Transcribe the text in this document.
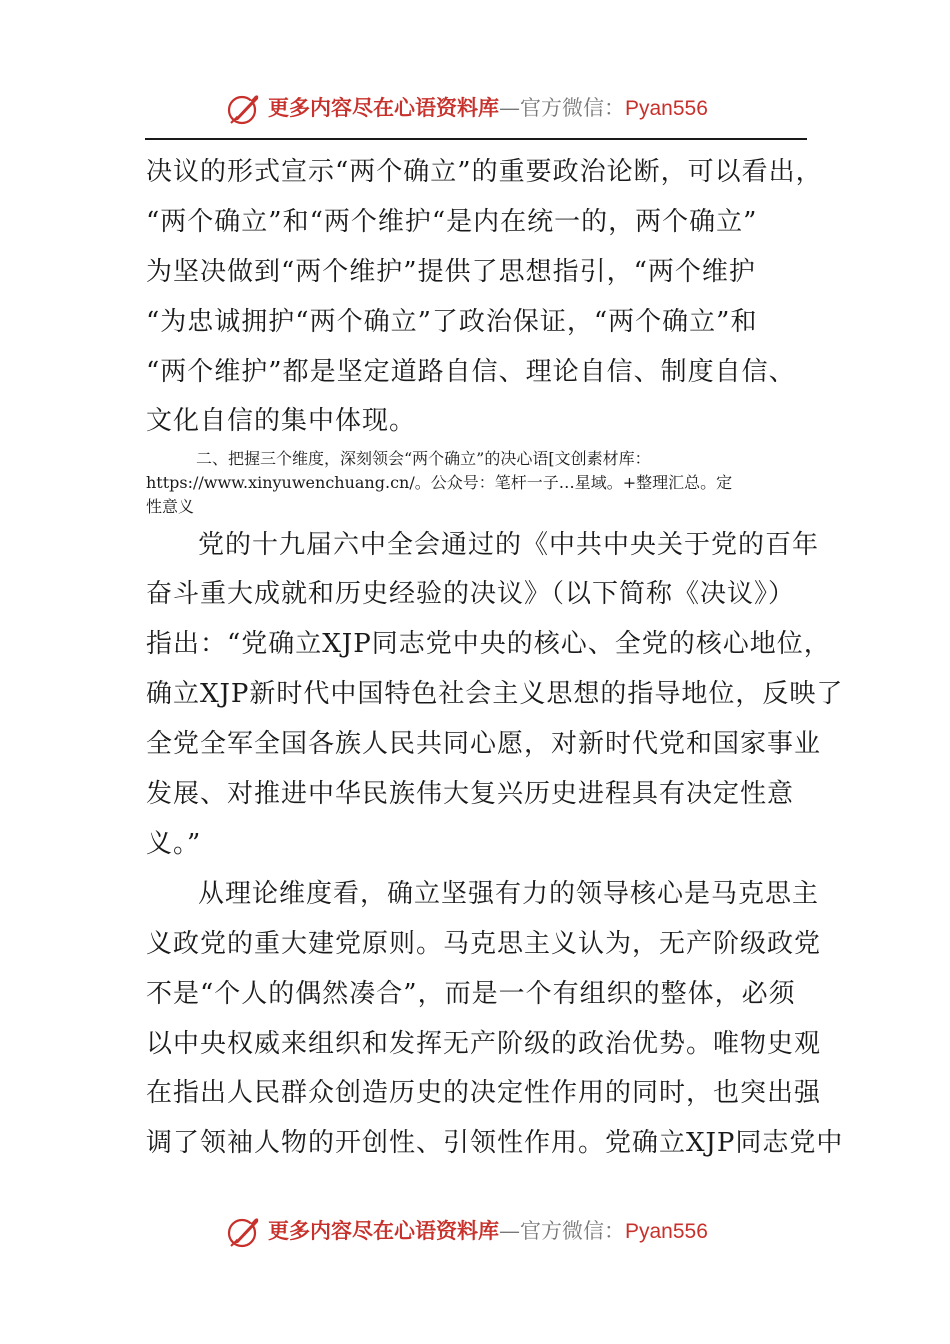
更多内容尽在心语资料库—官方微信：Pyan556
决议的形式宣示“两个确立”的重要政治论断，可以看出，
“两个确立”和“两个维护“是内在统一的，两个确立”
为坚决做到“两个维护”提供了思想指引，“两个维护
“为忠诚拥护“两个确立”了政治保证，“两个确立”和
“两个维护”都是坚定道路自信、理论自信、制度自信、
文化自信的集中体现。
二、把握三个维度，深刻领会“两个确立”的决心语[文创素材库：
https://www.xinyuwenchuang.cn/。公众号：笔杆一子…星域。+整理汇总。定
性意义
党的十九届六中全会通过的《中共中央关于党的百年
奋斗重大成就和历史经验的决议》（以下简称《决议》）
指出：“党确立XJP同志党中央的核心、全党的核心地位，
确立XJP新时代中国特色社会主义思想的指导地位，反映了
全党全军全国各族人民共同心愿，对新时代党和国家事业
发展、对推进中华民族伟大复兴历史进程具有决定性意
义。”
从理论维度看，确立坚强有力的领导核心是马克思主
义政党的重大建党原则。马克思主义认为，无产阶级政党
不是“个人的偶然凑合”，而是一个有组织的整体，必须
以中央权威来组织和发挥无产阶级的政治优势。唯物史观
在指出人民群众创造历史的决定性作用的同时，也突出强
调了领袖人物的开创性、引领性作用。党确立XJP同志党中
更多内容尽在心语资料库—官方微信：Pyan556
